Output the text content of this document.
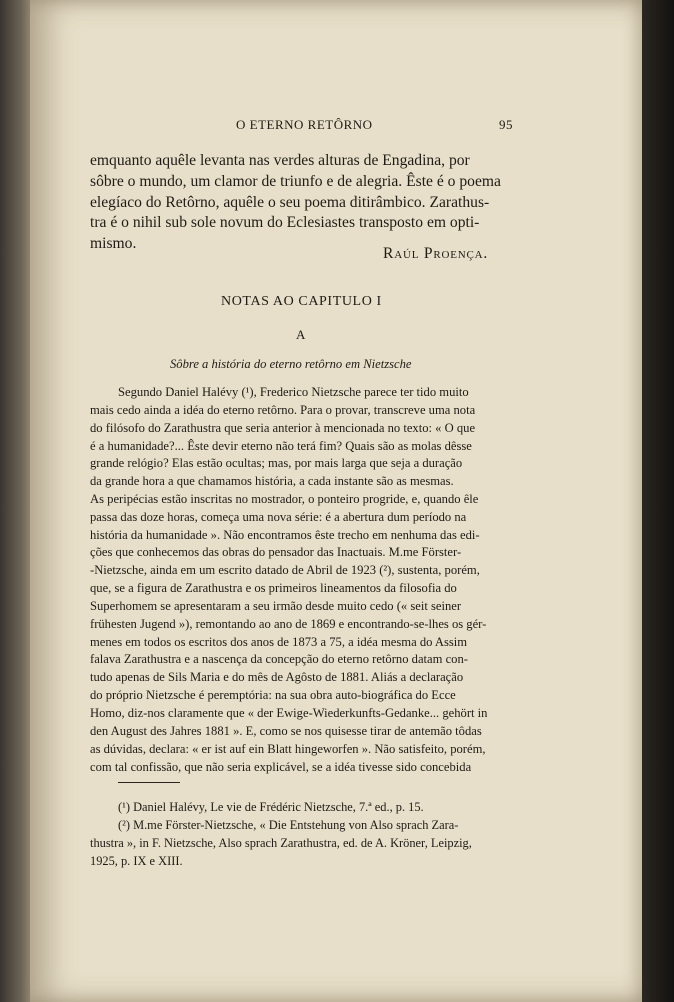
O ETERNO RETÔRNO	95
emquanto aquêle levanta nas verdes alturas de Engadina, por
sôbre o mundo, um clamor de triunfo e de alegria. Êste é o poema
elegíaco do Retôrno, aquêle o seu poema ditirâmbico. Zarathus-
tra é o nihil sub sole novum do Eclesiastes transposto em opti-
mismo.
Raúl Proença.
NOTAS AO CAPITULO I
A
Sôbre a história do eterno retôrno em Nietzsche
Segundo Daniel Halévy (¹), Frederico Nietzsche parece ter tido muito
mais cedo ainda a idéa do eterno retôrno. Para o provar, transcreve uma nota
do filósofo do Zarathustra que seria anterior à mencionada no texto: « O que
é a humanidade?... Êste devir eterno não terá fim? Quais são as molas dêsse
grande relógio? Elas estão ocultas; mas, por mais larga que seja a duração
da grande hora a que chamamos história, a cada instante são as mesmas.
As peripécias estão inscritas no mostrador, o ponteiro progride, e, quando êle
passa das doze horas, começa uma nova série: é a abertura dum período na
história da humanidade ». Não encontramos êste trecho em nenhuma das edi-
ções que conhecemos das obras do pensador das Inactuais. M.me Förster-
-Nietzsche, ainda em um escrito datado de Abril de 1923 (²), sustenta, porém,
que, se a figura de Zarathustra e os primeiros lineamentos da filosofia do
Superhomem se apresentaram a seu irmão desde muito cedo (« seit seiner
frühesten Jugend »), remontando ao ano de 1869 e encontrando-se-lhes os gér-
menes em todos os escritos dos anos de 1873 a 75, a idéa mesma do Assim
falava Zarathustra e a nascença da concepção do eterno retôrno datam con-
tudo apenas de Sils Maria e do mês de Agôsto de 1881. Aliás a declaração
do próprio Nietzsche é peremptória: na sua obra auto-biográfica do Ecce
Homo, diz-nos claramente que « der Ewige-Wiederkunfts-Gedanke... gehört in
den August des Jahres 1881 ». E, como se nos quisesse tirar de antemão tôdas
as dúvidas, declara: « er ist auf ein Blatt hingeworfen ». Não satisfeito, porém,
com tal confissão, que não seria explicável, se a idéa tivesse sido concebida
(¹) Daniel Halévy, Le vie de Frédéric Nietzsche, 7.ª ed., p. 15.
(²) M.me Förster-Nietzsche, « Die Entstehung von Also sprach Zara-
thustra », in F. Nietzsche, Also sprach Zarathustra, ed. de A. Kröner, Leipzig,
1925, p. IX e XIII.
